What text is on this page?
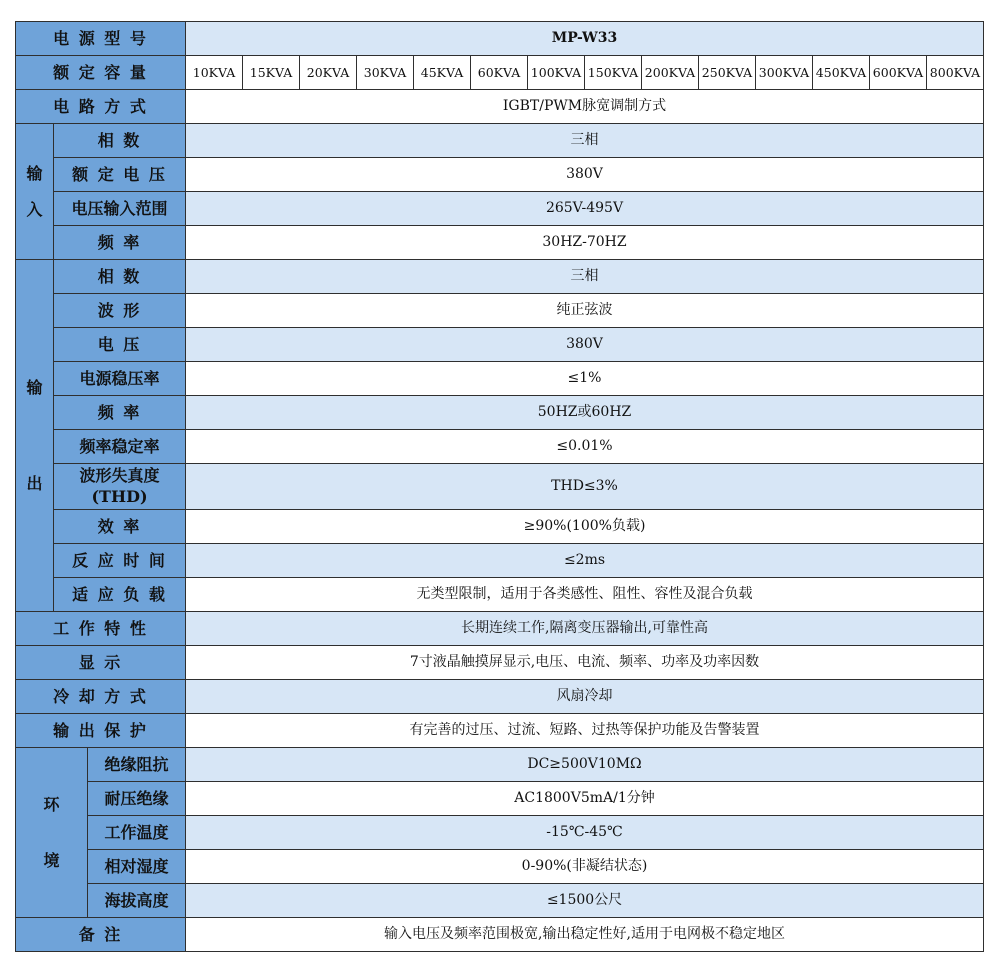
电 源 型 号			MP-W33													
额 定 容 量			10KVA	15KVA	20KVA	30KVA	45KVA	60KVA	100KVA	150KVA	200KVA	250KVA	300KVA	450KVA	600KVA	800KVA
电 路 方 式			IGBT/PWM脉宽调制方式													
输
入	相 数		三相													
	额 定 电 压		380V													
	电压输入范围		265V-495V													
	频 率		30HZ-70HZ													
输

出	相 数		三相													
	波 形		纯正弦波													
	电 压		380V													
	电源稳压率		≤1%													
	频 率		50HZ或60HZ													
	频率稳定率		≤0.01%													
	波形失真度
(THD)		THD≤3%													
	效 率		≥90%(100%负载)													
	反 应 时 间		≤2ms													
	适 应 负 载		无类型限制，适用于各类感性、阻性、容性及混合负载													
工 作 特 性			长期连续工作,隔离变压器输出,可靠性高													
显 示			7寸液晶触摸屏显示,电压、电流、频率、功率及功率因数													
冷 却 方 式			风扇冷却													
输 出 保 护			有完善的过压、过流、短路、过热等保护功能及告警装置													
环

境		绝缘阻抗	DC≥500V10MΩ													
		耐压绝缘	AC1800V5mA/1分钟													
		工作温度	-15℃-45℃													
		相对湿度	0-90%(非凝结状态)													
		海拔高度	≤1500公尺													
备 注			输入电压及频率范围极宽,输出稳定性好,适用于电网极不稳定地区													
